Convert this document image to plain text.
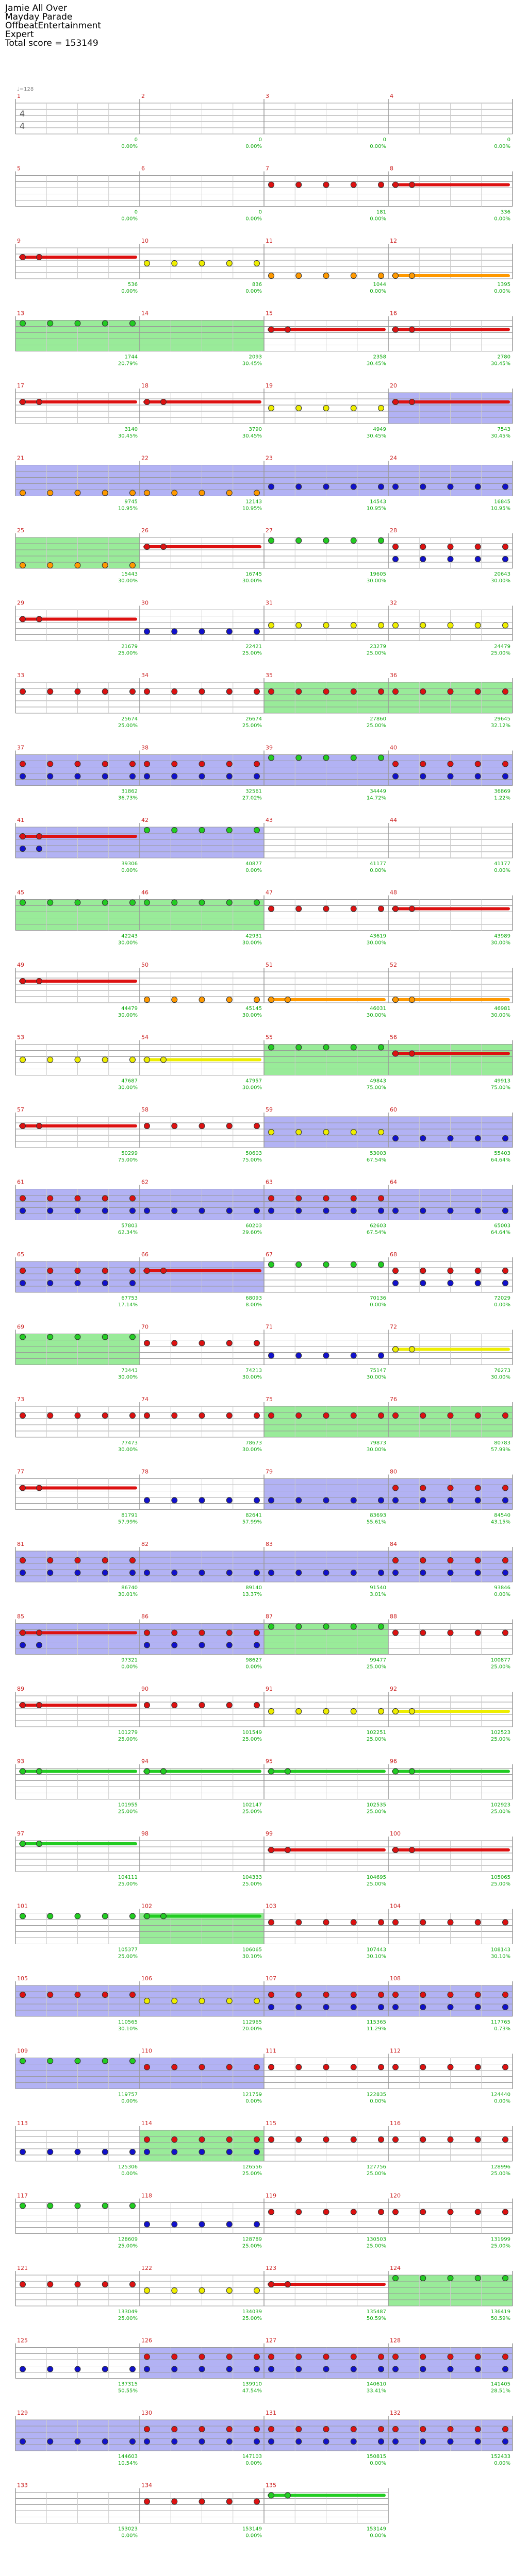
Jamie All Over
Mayday Parade
OffbeatEntertainment
Expert
Total score = 153149
1
♩=128
0
0.00%
2
0
0.00%
3
0
0.00%
4
0
0.00%
4
4
5
0
0.00%
6
0
0.00%
7
181
0.00%
8
336
0.00%
9
536
0.00%
10
836
0.00%
11
1044
0.00%
12
1395
0.00%
13
1744
20.79%
14
2093
30.45%
15
2358
30.45%
16
2780
30.45%
17
3140
30.45%
18
3790
30.45%
19
4949
30.45%
20
7543
30.45%
21
9745
10.95%
22
12143
10.95%
23
14543
10.95%
24
16845
10.95%
25
15443
30.00%
26
16745
30.00%
27
19605
30.00%
28
20643
30.00%
29
21679
25.00%
30
22421
25.00%
31
23279
25.00%
32
24479
25.00%
33
25674
25.00%
34
26674
25.00%
35
27860
25.00%
36
29645
32.12%
37
31862
36.73%
38
32561
27.02%
39
34449
14.72%
40
36869
1.22%
41
39306
0.00%
42
40877
0.00%
43
41177
0.00%
44
41177
0.00%
45
42243
30.00%
46
42931
30.00%
47
43619
30.00%
48
43989
30.00%
49
44479
30.00%
50
45145
30.00%
51
46031
30.00%
52
46981
30.00%
53
47687
30.00%
54
47957
30.00%
55
49843
75.00%
56
49913
75.00%
57
50299
75.00%
58
50603
75.00%
59
53003
67.54%
60
55403
64.64%
61
57803
62.34%
62
60203
29.60%
63
62603
67.54%
64
65003
64.64%
65
67753
17.14%
66
68093
8.00%
67
70136
0.00%
68
72029
0.00%
69
73443
30.00%
70
74213
30.00%
71
75147
30.00%
72
76273
30.00%
73
77473
30.00%
74
78673
30.00%
75
79873
30.00%
76
80783
57.99%
77
81791
57.99%
78
82641
57.99%
79
83693
55.61%
80
84540
43.15%
81
86740
30.01%
82
89140
13.37%
83
91540
3.01%
84
93846
0.00%
85
97321
0.00%
86
98627
0.00%
87
99477
25.00%
88
100877
25.00%
89
101279
25.00%
90
101549
25.00%
91
102251
25.00%
92
102523
25.00%
93
101955
25.00%
94
102147
25.00%
95
102535
25.00%
96
102923
25.00%
97
104111
25.00%
98
104333
25.00%
99
104695
25.00%
100
105065
25.00%
101
105377
25.00%
102
106065
30.10%
103
107443
30.10%
104
108143
30.10%
105
110565
30.10%
106
112965
20.00%
107
115365
11.29%
108
117765
0.73%
109
119757
0.00%
110
121759
0.00%
111
122835
0.00%
112
124440
0.00%
113
125306
0.00%
114
126556
25.00%
115
127756
25.00%
116
128996
25.00%
117
128609
25.00%
118
128789
25.00%
119
130503
25.00%
120
131999
25.00%
121
133049
25.00%
122
134039
25.00%
123
135487
50.59%
124
136419
50.59%
125
137315
50.55%
126
139910
47.54%
127
140610
33.41%
128
141405
28.51%
129
144603
10.54%
130
147103
0.00%
131
150815
0.00%
132
152433
0.00%
133
153023
0.00%
134
153149
0.00%
135
153149
0.00%
